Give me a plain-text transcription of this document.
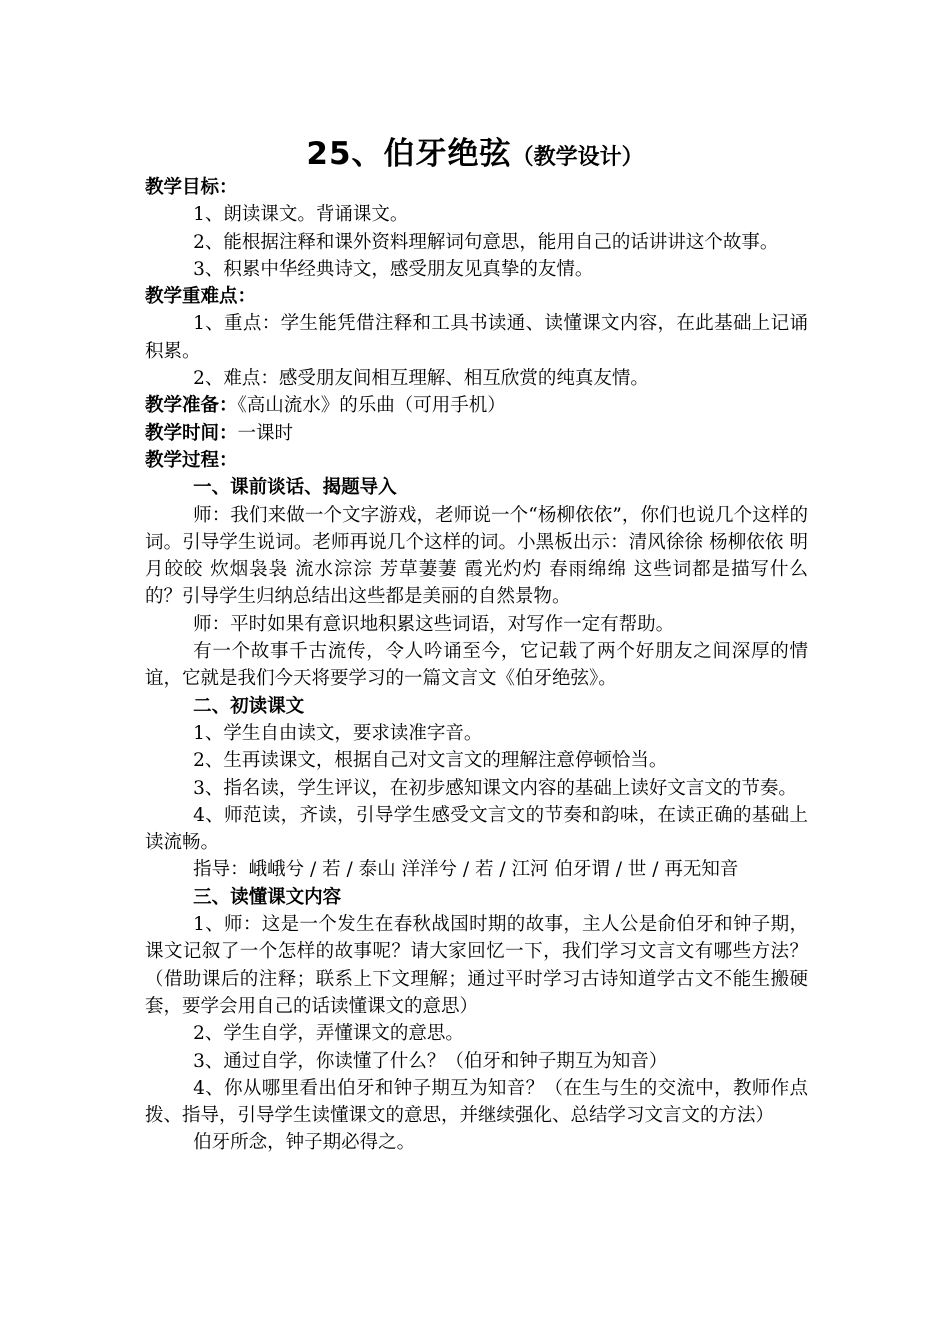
25、伯牙绝弦（教学设计）

教学目标：

1、朗读课文。背诵课文。

2、能根据注释和课外资料理解词句意思，能用自己的话讲讲这个故事。

3、积累中华经典诗文，感受朋友见真挚的友情。

教学重难点：

1、重点：学生能凭借注释和工具书读通、读懂课文内容，在此基础上记诵积累。

2、难点：感受朋友间相互理解、相互欣赏的纯真友情。

教学准备：《高山流水》的乐曲（可用手机）

教学时间：一课时

教学过程：

一、课前谈话、揭题导入

师：我们来做一个文字游戏，老师说一个“杨柳依依”，你们也说几个这样的词。引导学生说词。老师再说几个这样的词。小黑板出示：清风徐徐 杨柳依依 明月皎皎 炊烟袅袅 流水淙淙 芳草萋萋 霞光灼灼 春雨绵绵 这些词都是描写什么的？引导学生归纳总结出这些都是美丽的自然景物。

师：平时如果有意识地积累这些词语，对写作一定有帮助。

有一个故事千古流传，令人吟诵至今，它记载了两个好朋友之间深厚的情谊，它就是我们今天将要学习的一篇文言文《伯牙绝弦》。

二、初读课文

1、学生自由读文，要求读准字音。

2、生再读课文，根据自己对文言文的理解注意停顿恰当。

3、指名读，学生评议，在初步感知课文内容的基础上读好文言文的节奏。

4、师范读，齐读，引导学生感受文言文的节奏和韵味，在读正确的基础上读流畅。

指导：峨峨兮 / 若 / 泰山 洋洋兮 / 若 / 江河 伯牙谓 / 世 / 再无知音

三、读懂课文内容

1、师：这是一个发生在春秋战国时期的故事，主人公是俞伯牙和钟子期，课文记叙了一个怎样的故事呢？请大家回忆一下，我们学习文言文有哪些方法？（借助课后的注释；联系上下文理解；通过平时学习古诗知道学古文不能生搬硬套，要学会用自己的话读懂课文的意思）

2、学生自学，弄懂课文的意思。

3、通过自学，你读懂了什么？（伯牙和钟子期互为知音）

4、你从哪里看出伯牙和钟子期互为知音？（在生与生的交流中，教师作点拨、指导，引导学生读懂课文的意思，并继续强化、总结学习文言文的方法）

伯牙所念，钟子期必得之。
